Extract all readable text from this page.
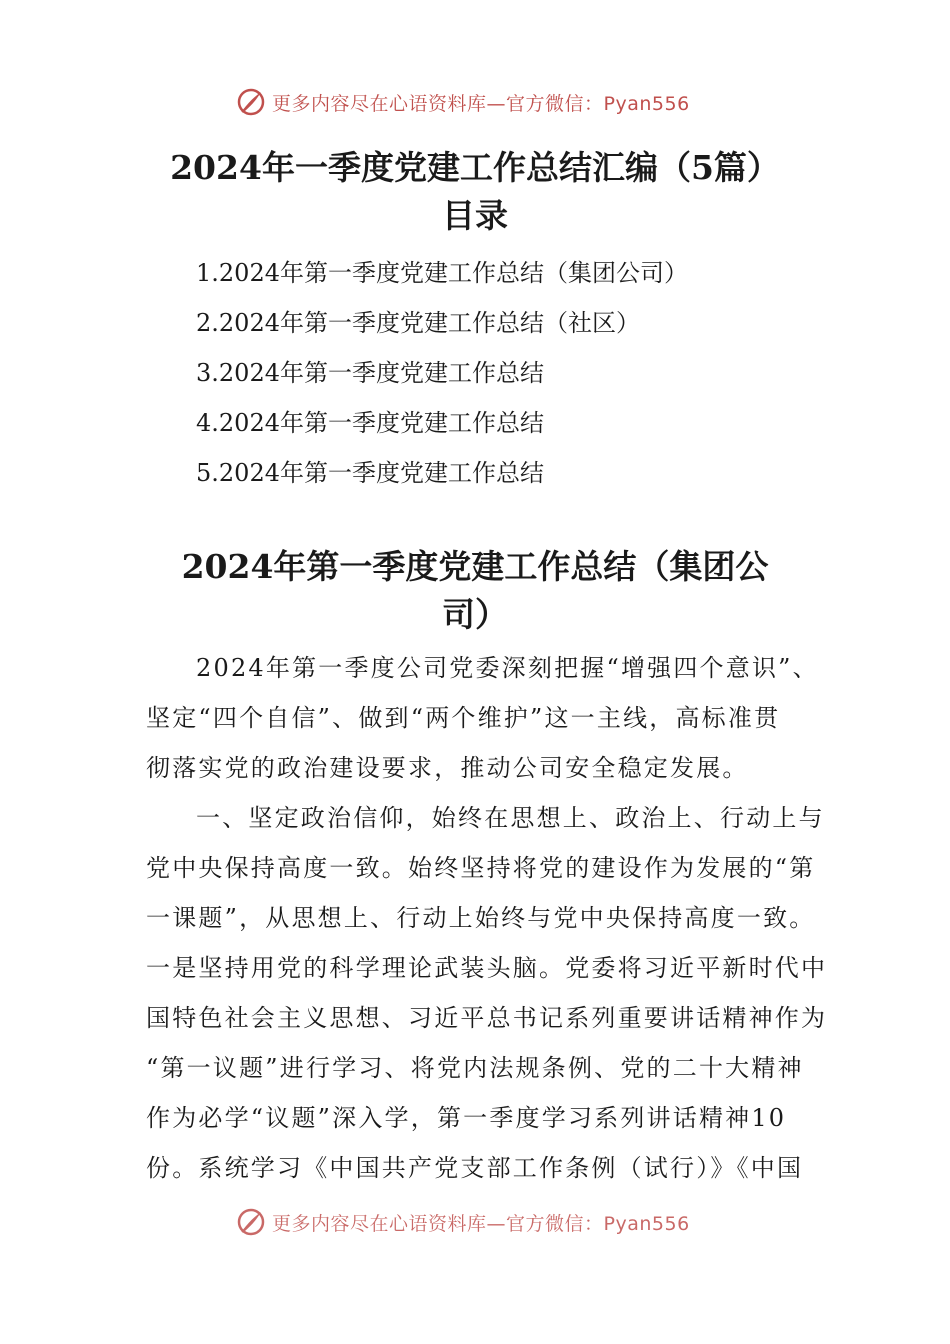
更多内容尽在心语资料库—官方微信：Pyan556
2024年一季度党建工作总结汇编（5篇）
目录
1.2024年第一季度党建工作总结（集团公司）
2.2024年第一季度党建工作总结（社区）
3.2024年第一季度党建工作总结
4.2024年第一季度党建工作总结
5.2024年第一季度党建工作总结
2024年第一季度党建工作总结（集团公
司）
2024年第一季度公司党委深刻把握“增强四个意识”、
坚定“四个自信”、做到“两个维护”这一主线，高标准贯
彻落实党的政治建设要求，推动公司安全稳定发展。
一、坚定政治信仰，始终在思想上、政治上、行动上与
党中央保持高度一致。始终坚持将党的建设作为发展的“第
一课题”，从思想上、行动上始终与党中央保持高度一致。
一是坚持用党的科学理论武装头脑。党委将习近平新时代中
国特色社会主义思想、习近平总书记系列重要讲话精神作为
“第一议题”进行学习、将党内法规条例、党的二十大精神
作为必学“议题”深入学，第一季度学习系列讲话精神10
份。系统学习《中国共产党支部工作条例（试行）》《中国
更多内容尽在心语资料库—官方微信：Pyan556
